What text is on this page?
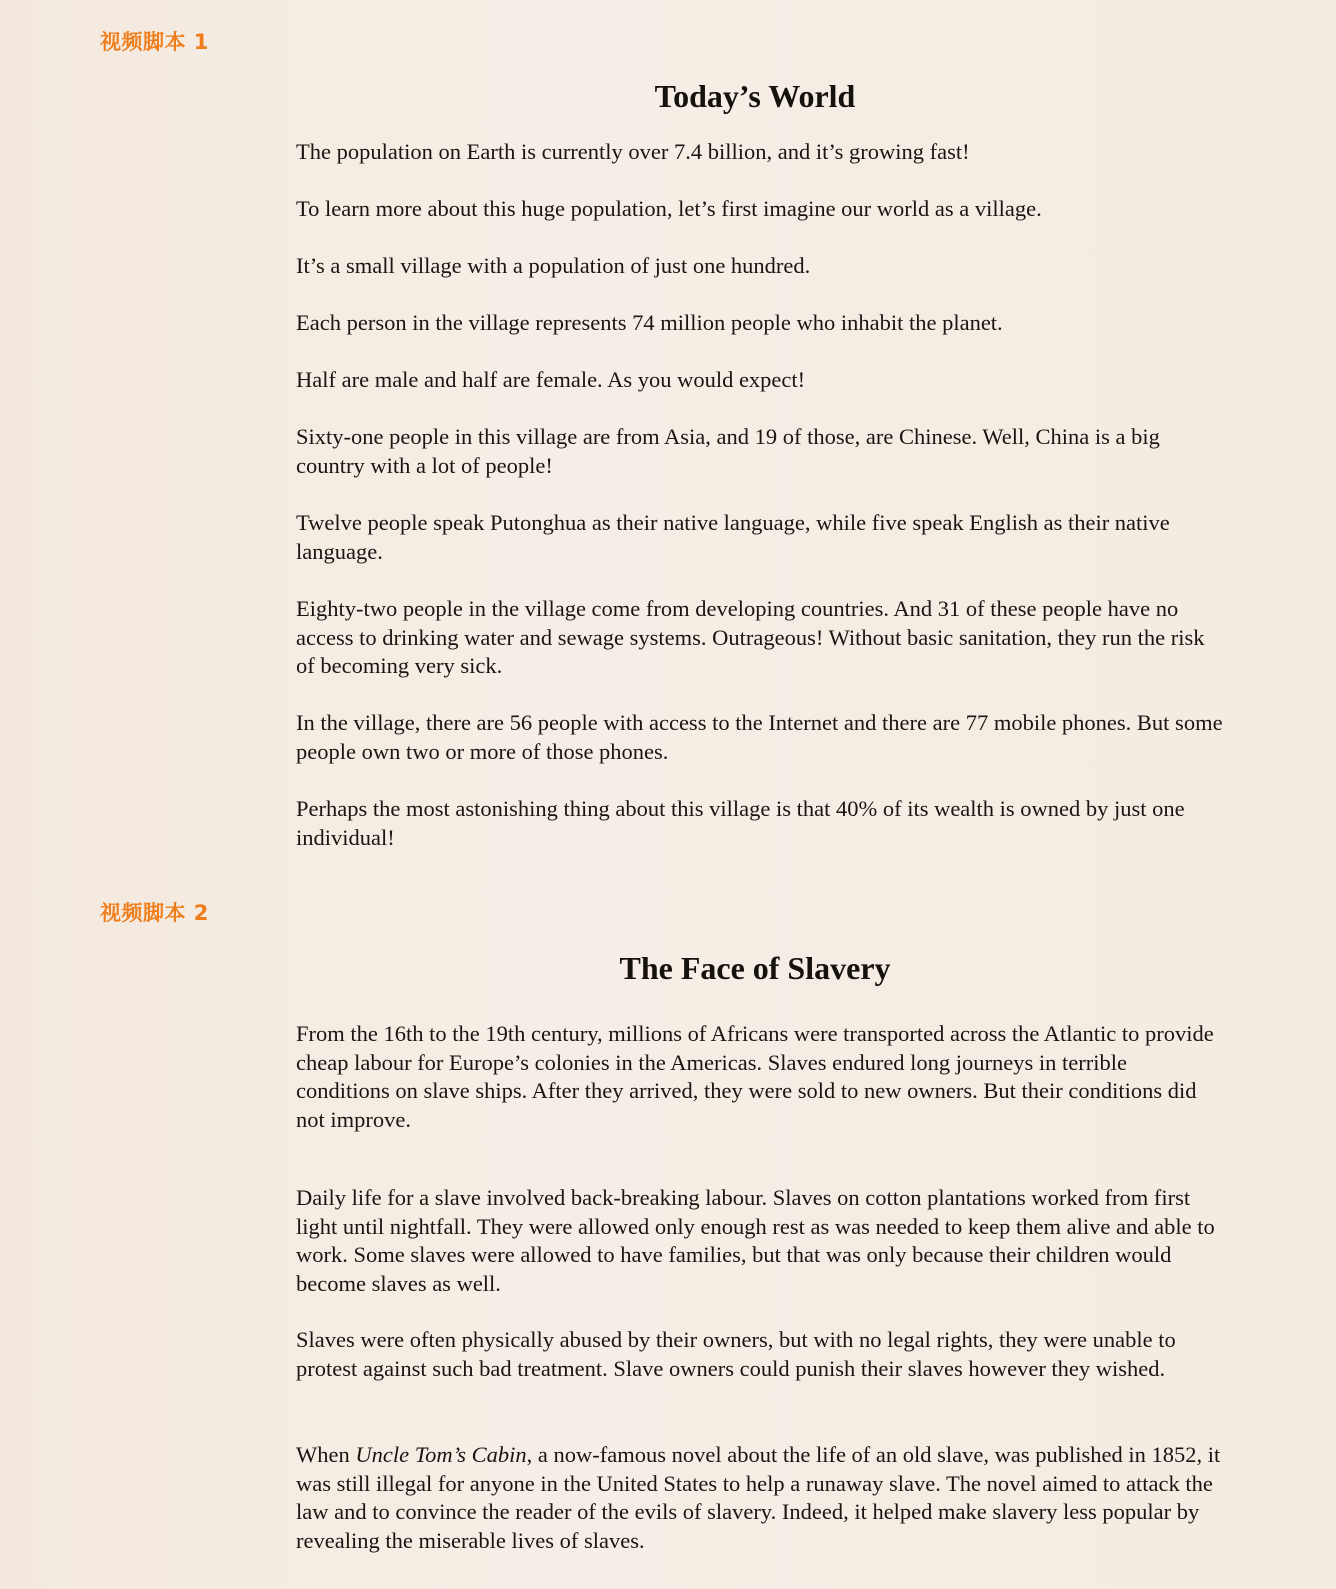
视频脚本 1
Today’s World

The population on Earth is currently over 7.4 billion, and it’s growing fast!

To learn more about this huge population, let’s first imagine our world as a village.

It’s a small village with a population of just one hundred.

Each person in the village represents 74 million people who inhabit the planet.

Half are male and half are female. As you would expect!

Sixty-one people in this village are from Asia, and 19 of those, are Chinese. Well, China is a big country with a lot of people!

Twelve people speak Putonghua as their native language, while five speak English as their native language.

Eighty-two people in the village come from developing countries. And 31 of these people have no access to drinking water and sewage systems. Outrageous! Without basic sanitation, they run the risk of becoming very sick.

In the village, there are 56 people with access to the Internet and there are 77 mobile phones. But some people own two or more of those phones.

Perhaps the most astonishing thing about this village is that 40% of its wealth is owned by just one individual!

视频脚本 2
The Face of Slavery

From the 16th to the 19th century, millions of Africans were transported across the Atlantic to provide cheap labour for Europe’s colonies in the Americas. Slaves endured long journeys in terrible conditions on slave ships. After they arrived, they were sold to new owners. But their conditions did not improve.

Daily life for a slave involved back-breaking labour. Slaves on cotton plantations worked from first light until nightfall. They were allowed only enough rest as was needed to keep them alive and able to work. Some slaves were allowed to have families, but that was only because their children would become slaves as well.

Slaves were often physically abused by their owners, but with no legal rights, they were unable to protest against such bad treatment. Slave owners could punish their slaves however they wished.

When Uncle Tom’s Cabin, a now-famous novel about the life of an old slave, was published in 1852, it was still illegal for anyone in the United States to help a runaway slave. The novel aimed to attack the law and to convince the reader of the evils of slavery. Indeed, it helped make slavery less popular by revealing the miserable lives of slaves.
